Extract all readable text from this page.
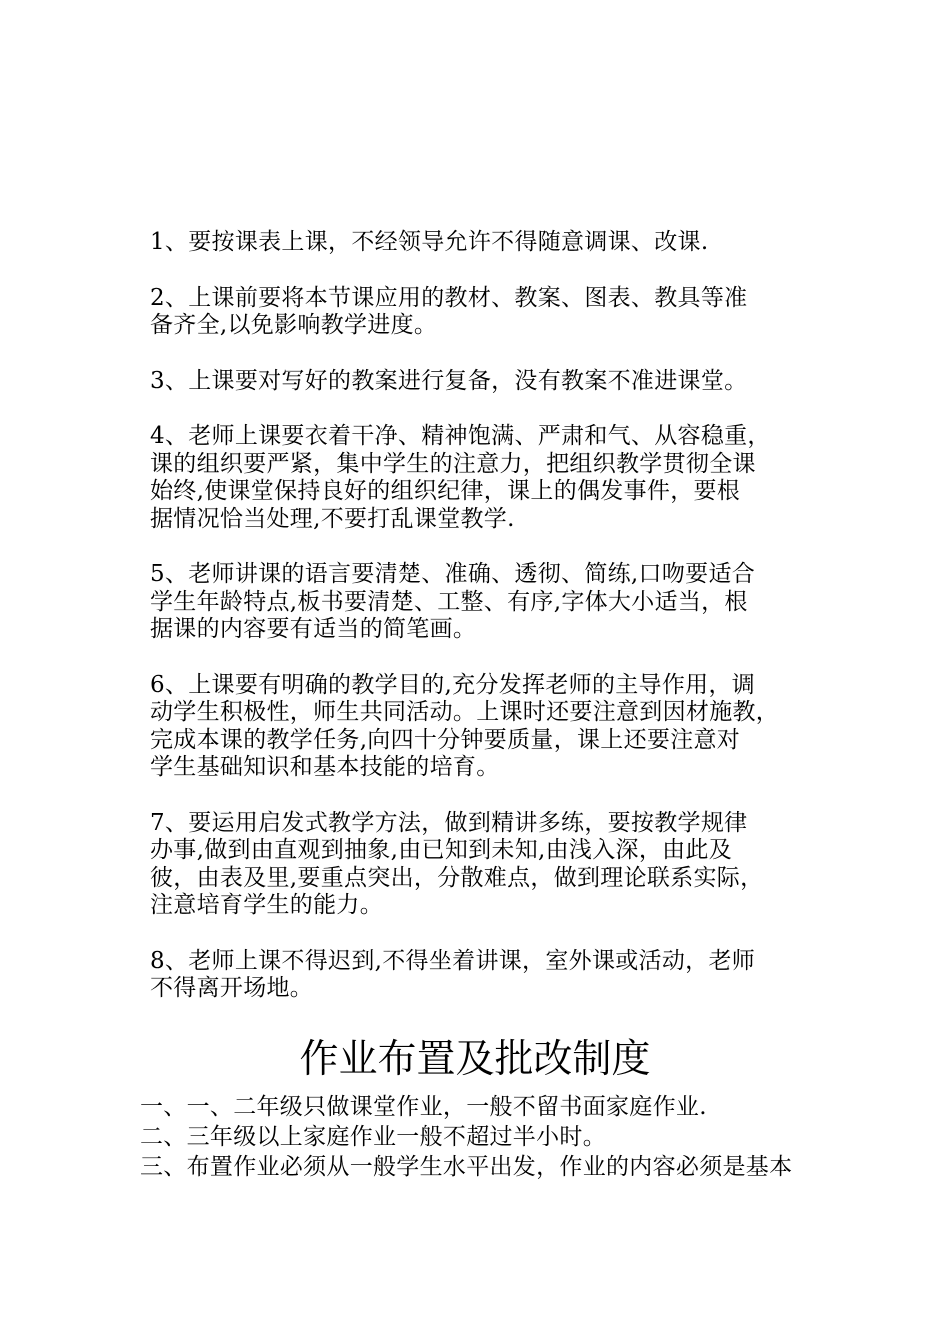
1、要按课表上课，不经领导允许不得随意调课、改课.
2、上课前要将本节课应用的教材、教案、图表、教具等准
备齐全,以免影响教学进度。
3、上课要对写好的教案进行复备，没有教案不准进课堂。
4、老师上课要衣着干净、精神饱满、严肃和气、从容稳重，
课的组织要严紧，集中学生的注意力，把组织教学贯彻全课
始终,使课堂保持良好的组织纪律，课上的偶发事件，要根
据情况恰当处理,不要打乱课堂教学.
5、老师讲课的语言要清楚、准确、透彻、简练,口吻要适合
学生年龄特点,板书要清楚、工整、有序,字体大小适当，根
据课的内容要有适当的简笔画。
6、上课要有明确的教学目的,充分发挥老师的主导作用，调
动学生积极性，师生共同活动。上课时还要注意到因材施教，
完成本课的教学任务,向四十分钟要质量，课上还要注意对
学生基础知识和基本技能的培育。
7、要运用启发式教学方法，做到精讲多练，要按教学规律
办事,做到由直观到抽象,由已知到未知,由浅入深，由此及
彼，由表及里,要重点突出，分散难点，做到理论联系实际，
注意培育学生的能力。
8、老师上课不得迟到,不得坐着讲课，室外课或活动，老师
不得离开场地。
作业布置及批改制度

一、一、二年级只做课堂作业，一般不留书面家庭作业.

二、三年级以上家庭作业一般不超过半小时。

三、布置作业必须从一般学生水平出发，作业的内容必须是基本
